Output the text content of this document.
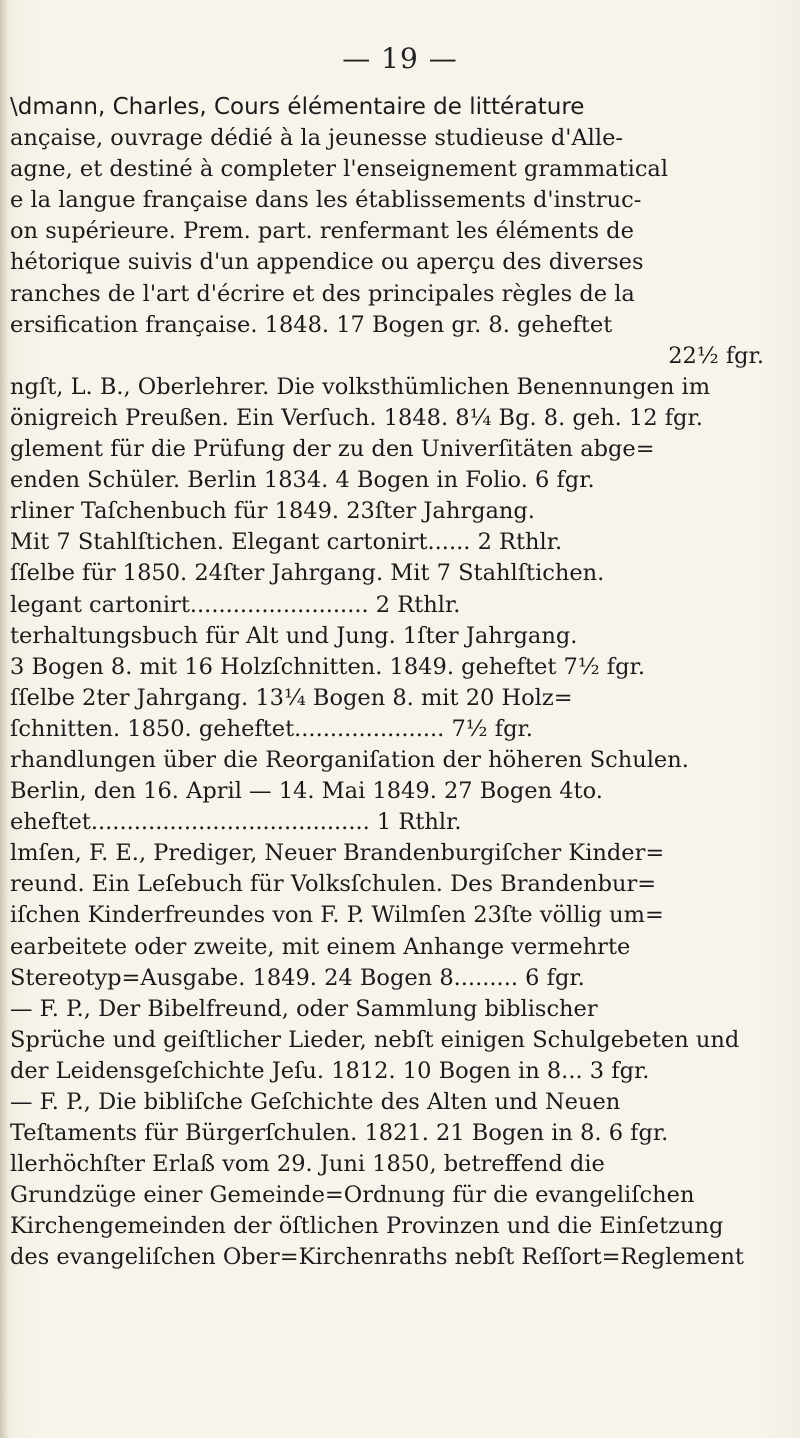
— 19 —
\dmann, Charles, Cours élémentaire de littérature
ançaise, ouvrage dédié à la jeunesse studieuse d'Alle-
agne, et destiné à completer l'enseignement grammatical
e la langue française dans les établissements d'instruc-
on supérieure. Prem. part. renfermant les éléments de
hétorique suivis d'un appendice ou aperçu des diverses
ranches de l'art d'écrire et des principales règles de la
ersification française. 1848. 17 Bogen gr. 8. geheftet
22½ fgr.
ngſt, L. B., Oberlehrer. Die volksthümlichen Benennungen im
önigreich Preußen. Ein Verſuch. 1848. 8¼ Bg. 8. geh. 12 fgr.
glement für die Prüfung der zu den Univerſitäten abge=
enden Schüler. Berlin 1834. 4 Bogen in Folio. 6 fgr.
rliner Taſchenbuch für 1849. 23ſter Jahrgang.
Mit 7 Stahlſtichen. Elegant cartonirt...... 2 Rthlr.
ſſelbe für 1850. 24ſter Jahrgang. Mit 7 Stahlſtichen.
legant cartonirt......................... 2 Rthlr.
terhaltungsbuch für Alt und Jung. 1ſter Jahrgang.
3 Bogen 8. mit 16 Holzſchnitten. 1849. geheftet 7½ fgr.
ſſelbe 2ter Jahrgang. 13¼ Bogen 8. mit 20 Holz=
ſchnitten. 1850. geheftet..................... 7½ fgr.
rhandlungen über die Reorganiſation der höheren Schulen.
Berlin, den 16. April — 14. Mai 1849. 27 Bogen 4to.
eheftet....................................... 1 Rthlr.
lmſen, F. E., Prediger, Neuer Brandenburgiſcher Kinder=
reund. Ein Leſebuch für Volksſchulen. Des Brandenbur=
iſchen Kinderfreundes von F. P. Wilmſen 23ſte völlig um=
earbeitete oder zweite, mit einem Anhange vermehrte
Stereotyp=Ausgabe. 1849. 24 Bogen 8......... 6 fgr.
— F. P., Der Bibelfreund, oder Sammlung biblischer
Sprüche und geiſtlicher Lieder, nebſt einigen Schulgebeten und
der Leidensgeſchichte Jeſu. 1812. 10 Bogen in 8... 3 fgr.
— F. P., Die bibliſche Geſchichte des Alten und Neuen
Teſtaments für Bürgerſchulen. 1821. 21 Bogen in 8. 6 fgr.
llerhöchſter Erlaß vom 29. Juni 1850, betreffend die
Grundzüge einer Gemeinde=Ordnung für die evangeliſchen
Kirchengemeinden der öſtlichen Provinzen und die Einſetzung
des evangeliſchen Ober=Kirchenraths nebſt Reſſort=Reglement
